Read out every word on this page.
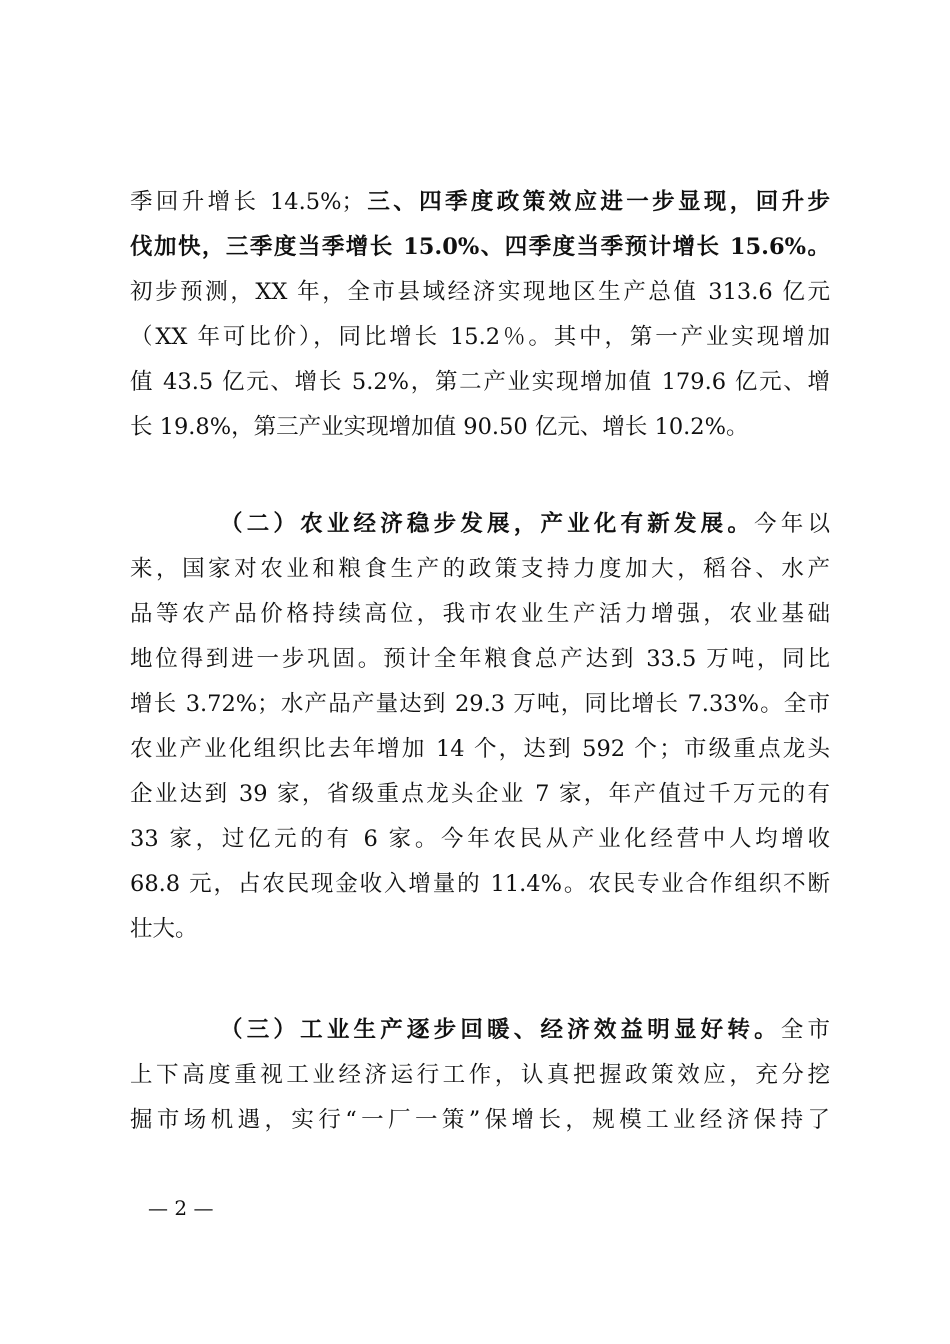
季回升增长 14.5%；三、四季度政策效应进一步显现，回升步
伐加快，三季度当季增长 15.0%、四季度当季预计增长 15.6%。
初步预测，XX 年，全市县域经济实现地区生产总值 313.6 亿元
（XX 年可比价），同比增长 15.2％。其中，第一产业实现增加
值 43.5 亿元、增长 5.2%，第二产业实现增加值 179.6 亿元、增
长 19.8%，第三产业实现增加值 90.50 亿元、增长 10.2%。
（二）农业经济稳步发展，产业化有新发展。今年以
来，国家对农业和粮食生产的政策支持力度加大，稻谷、水产
品等农产品价格持续高位，我市农业生产活力增强，农业基础
地位得到进一步巩固。预计全年粮食总产达到 33.5 万吨，同比
增长 3.72%；水产品产量达到 29.3 万吨，同比增长 7.33%。全市
农业产业化组织比去年增加 14 个，达到 592 个；市级重点龙头
企业达到 39 家，省级重点龙头企业 7 家，年产值过千万元的有
33 家，过亿元的有 6 家。今年农民从产业化经营中人均增收
68.8 元，占农民现金收入增量的 11.4%。农民专业合作组织不断
壮大。
（三）工业生产逐步回暖、经济效益明显好转。全市
上下高度重视工业经济运行工作，认真把握政策效应，充分挖
掘市场机遇，实行“一厂一策”保增长，规模工业经济保持了
— 2 —
